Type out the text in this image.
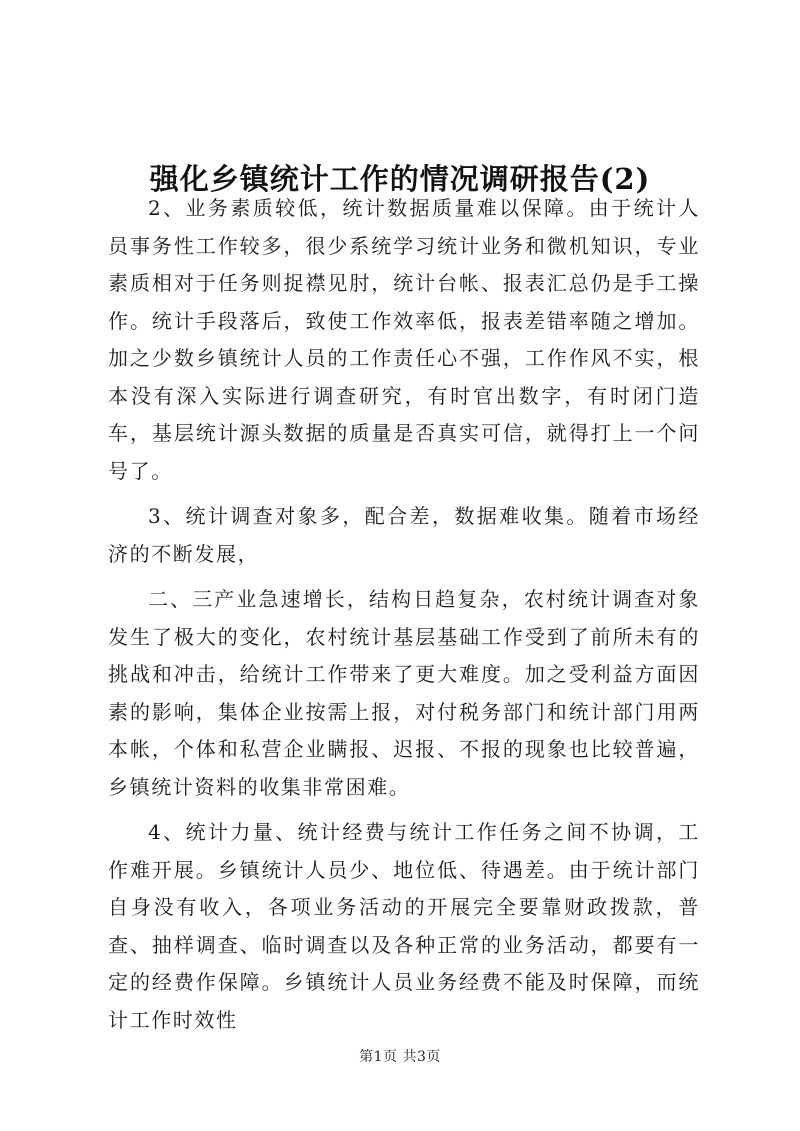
强化乡镇统计工作的情况调研报告(2)

2、业务素质较低，统计数据质量难以保障。由于统计人员事务性工作较多，很少系统学习统计业务和微机知识，专业素质相对于任务则捉襟见肘，统计台帐、报表汇总仍是手工操作。统计手段落后，致使工作效率低，报表差错率随之增加。加之少数乡镇统计人员的工作责任心不强，工作作风不实，根本没有深入实际进行调查研究，有时官出数字，有时闭门造车，基层统计源头数据的质量是否真实可信，就得打上一个问号了。

3、统计调查对象多，配合差，数据难收集。随着市场经济的不断发展，

二、三产业急速增长，结构日趋复杂，农村统计调查对象发生了极大的变化，农村统计基层基础工作受到了前所未有的挑战和冲击，给统计工作带来了更大难度。加之受利益方面因素的影响，集体企业按需上报，对付税务部门和统计部门用两本帐，个体和私营企业瞒报、迟报、不报的现象也比较普遍，乡镇统计资料的收集非常困难。

4、统计力量、统计经费与统计工作任务之间不协调，工作难开展。乡镇统计人员少、地位低、待遇差。由于统计部门自身没有收入，各项业务活动的开展完全要靠财政拨款，普查、抽样调查、临时调查以及各种正常的业务活动，都要有一定的经费作保障。乡镇统计人员业务经费不能及时保障，而统计工作时效性

第1页 共3页
